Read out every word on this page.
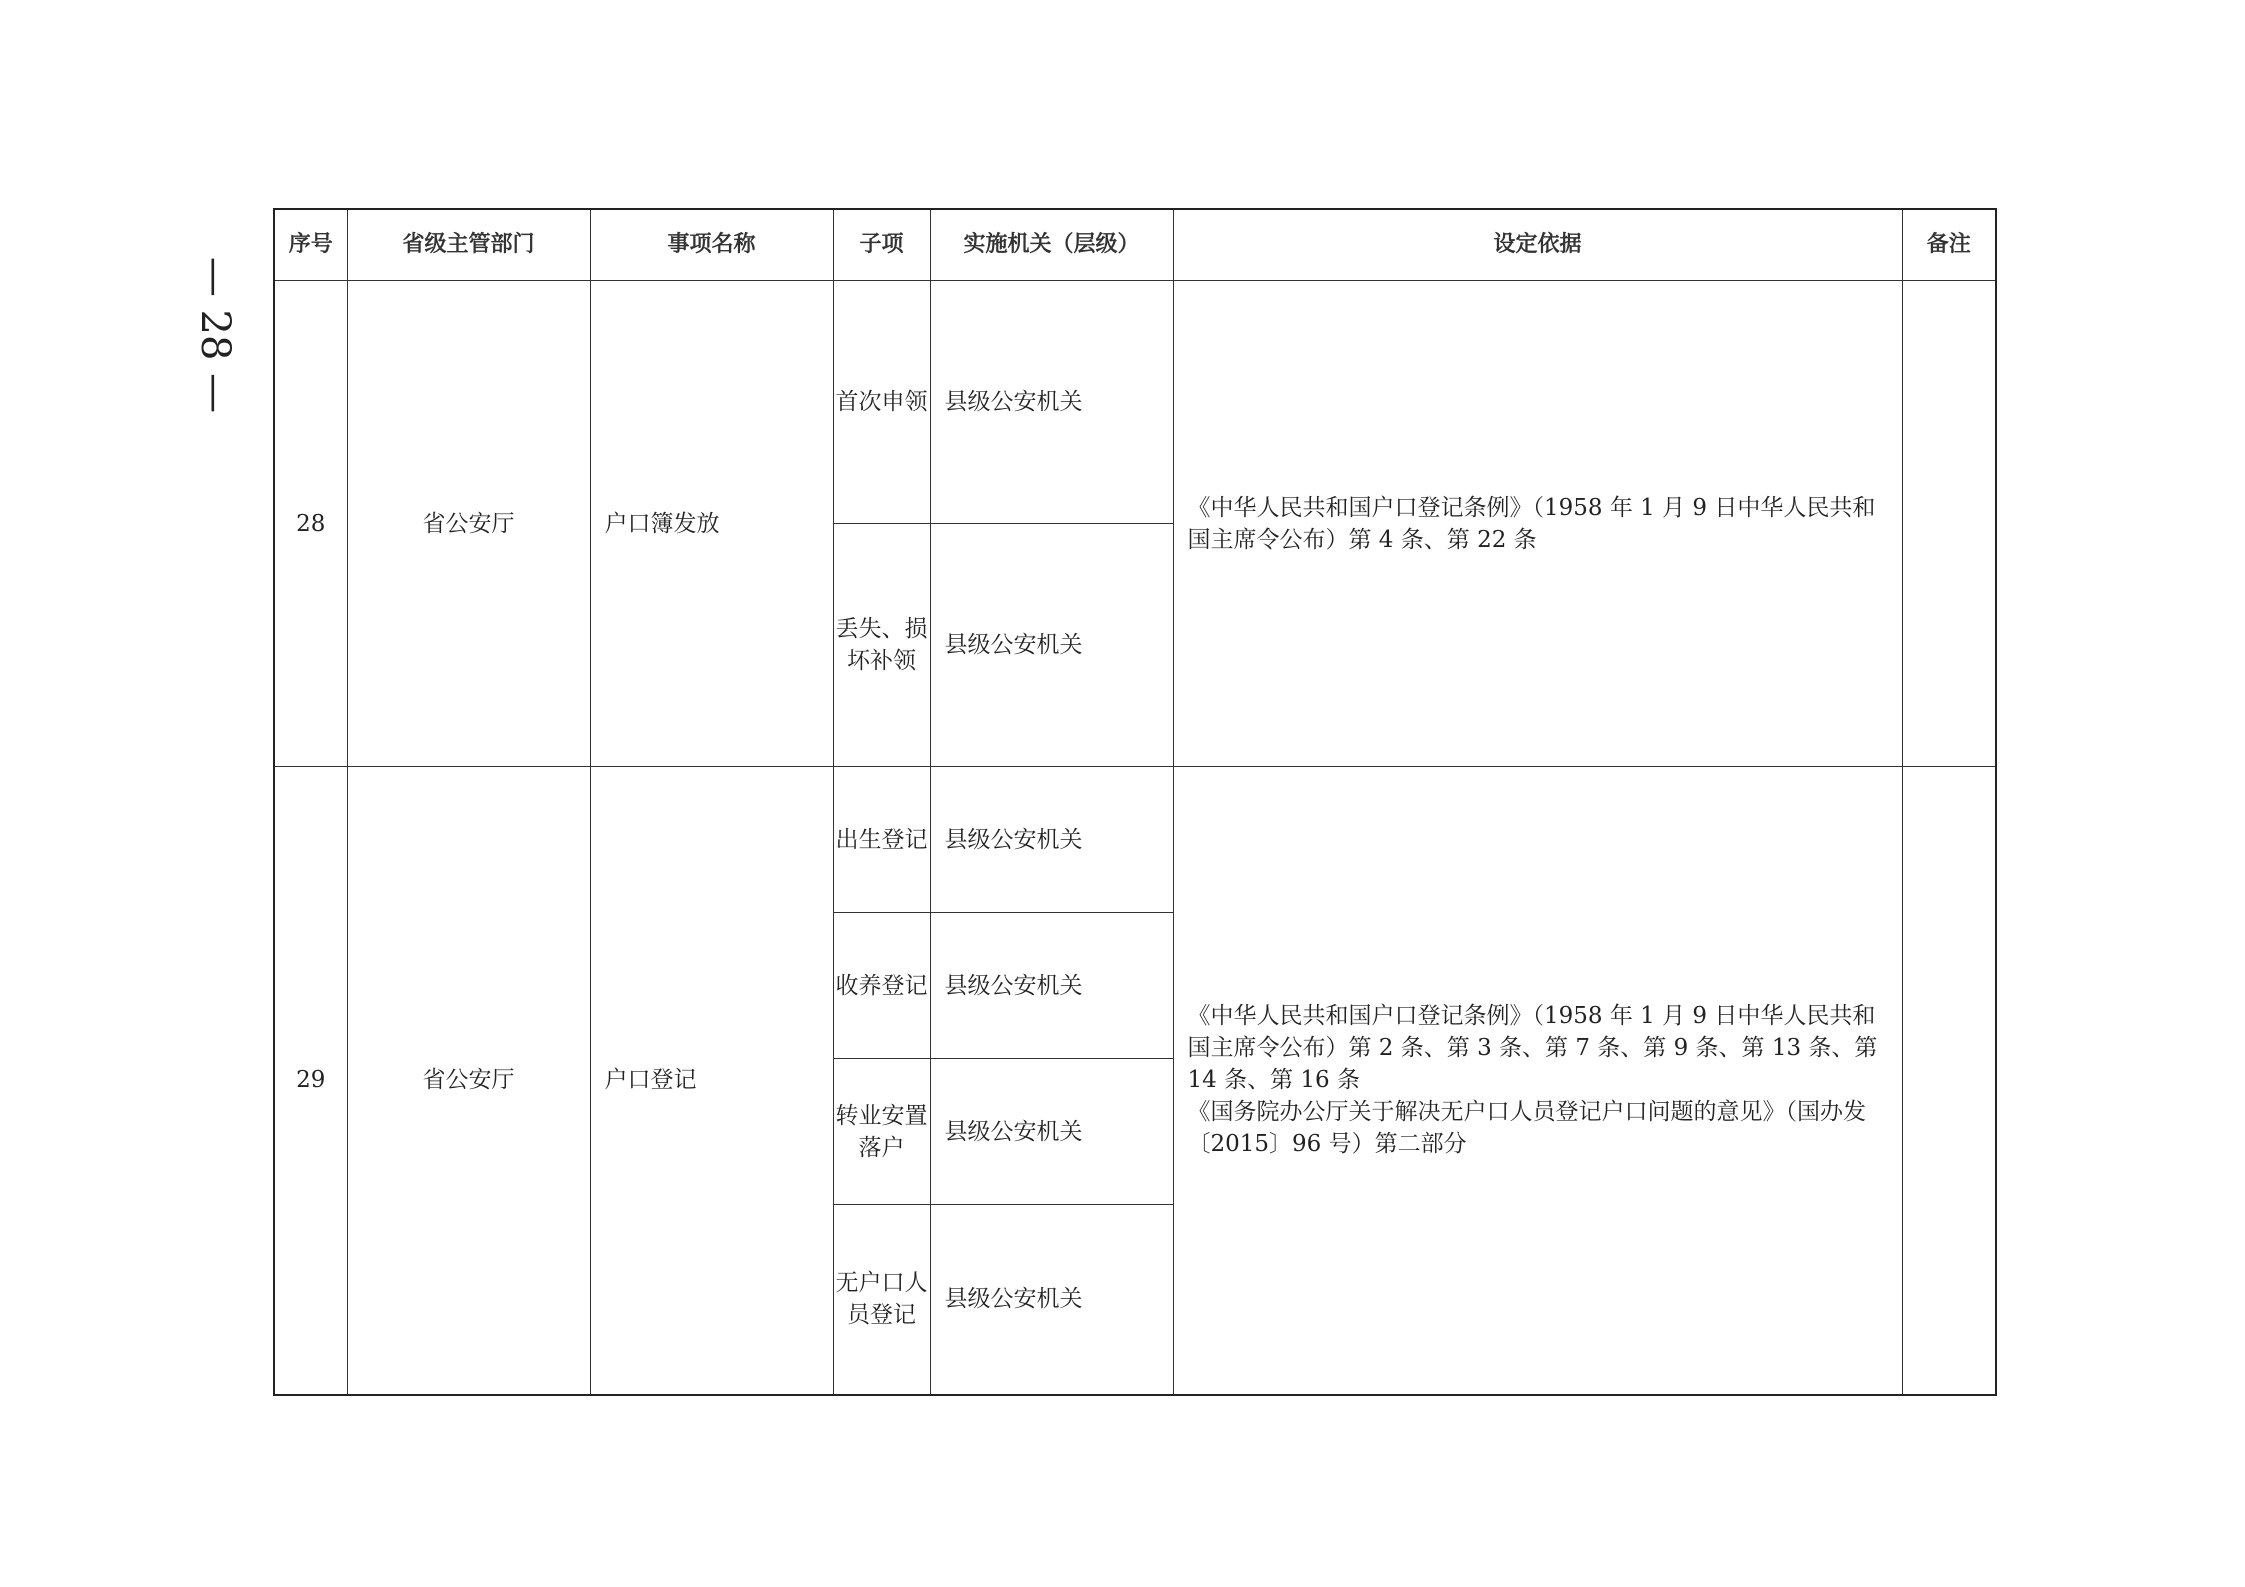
— 28 —
序号	省级主管部门	事项名称	子项	实施机关（层级）	设定依据	备注
28	省公安厅	户口簿发放	首次申领	县级公安机关	《中华人民共和国户口登记条例》（1958 年 1 月 9 日中华人民共和国主席令公布）第 4 条、第 22 条	

			丢失、损坏补领	县级公安机关		
29	省公安厅	户口登记	出生登记	县级公安机关	《中华人民共和国户口登记条例》（1958 年 1 月 9 日中华人民共和国主席令公布）第 2 条、第 3 条、第 7 条、第 9 条、第 13 条、第 14 条、第 16 条
《国务院办公厅关于解决无户口人员登记户口问题的意见》（国办发〔2015〕96 号）第二部分	

			收养登记	县级公安机关		
			转业安置落户	县级公安机关		
			无户口人员登记	县级公安机关		
